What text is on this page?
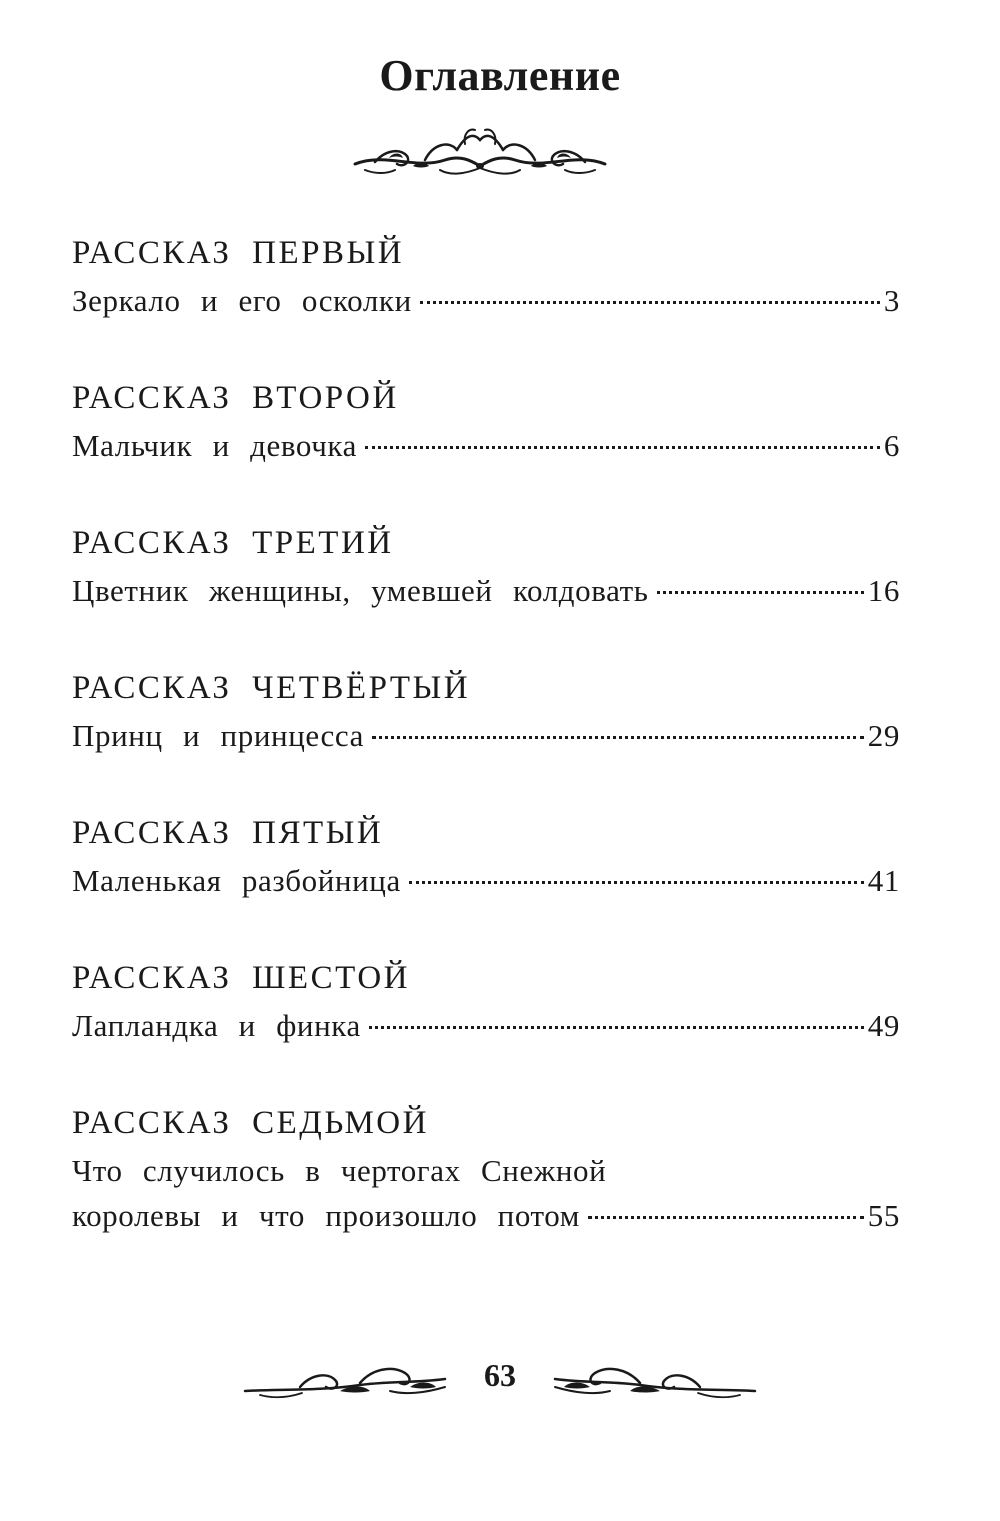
Оглавление
РАССКАЗ ПЕРВЫЙ
Зеркало и его осколки	3
РАССКАЗ ВТОРОЙ
Мальчик и девочка	6
РАССКАЗ ТРЕТИЙ
Цветник женщины, умевшей колдовать	16
РАССКАЗ ЧЕТВЁРТЫЙ
Принц и принцесса	29
РАССКАЗ ПЯТЫЙ
Маленькая разбойница	41
РАССКАЗ ШЕСТОЙ
Лапландка и финка	49
РАССКАЗ СЕДЬМОЙ
Что случилось в чертогах Снежной
королевы и что произошло потом	55
63
